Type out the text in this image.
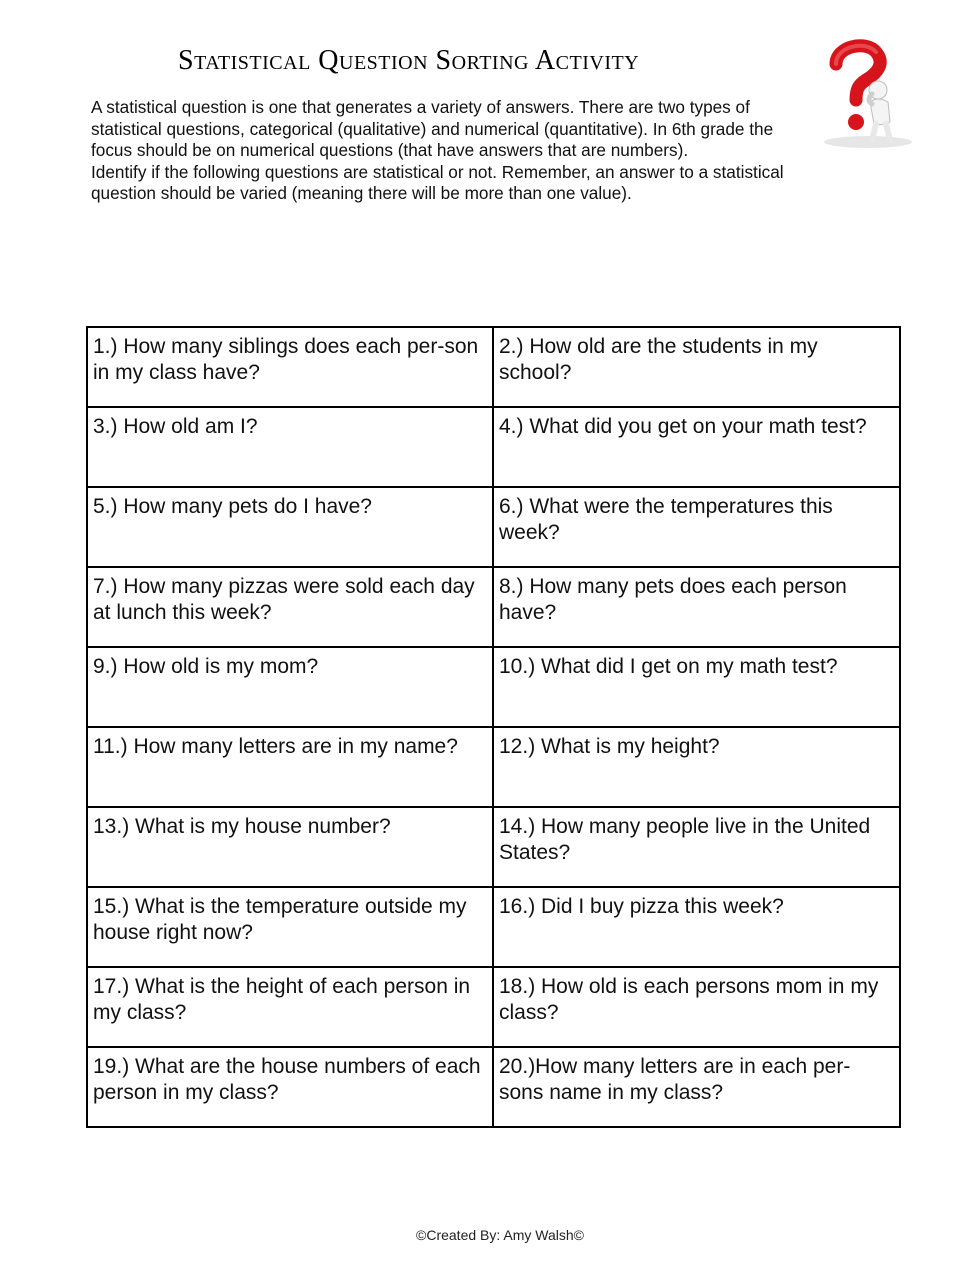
Statistical Question Sorting Activity

A statistical question is one that generates a variety of answers. There are two types of statistical questions, categorical (qualitative) and numerical (quantitative). In 6th grade the focus should be on numerical questions (that have answers that are numbers).

Identify if the following questions are statistical or not. Remember, an answer to a statistical question should be varied (meaning there will be more than one value).

1.) How many siblings does each per-son in my class have?	2.) How old are the students in my school?
3.) How old am I?	4.) What did you get on your math test?
5.) How many pets do I have?	6.) What were the temperatures this week?
7.) How many pizzas were sold each day at lunch this week?	8.) How many pets does each person have?
9.) How old is my mom?	10.) What did I get on my math test?
11.) How many letters are in my name?	12.) What is my height?
13.) What is my house number?	14.) How many people live in the United States?
15.) What is the temperature outside my house right now?	16.) Did I buy pizza this week?
17.) What is the height of each person in my class?	18.) How old is each persons mom in my class?
19.) What are the house numbers of each person in my class?	20.)How many letters are in each per-sons name in my class?
©Created By: Amy Walsh©
